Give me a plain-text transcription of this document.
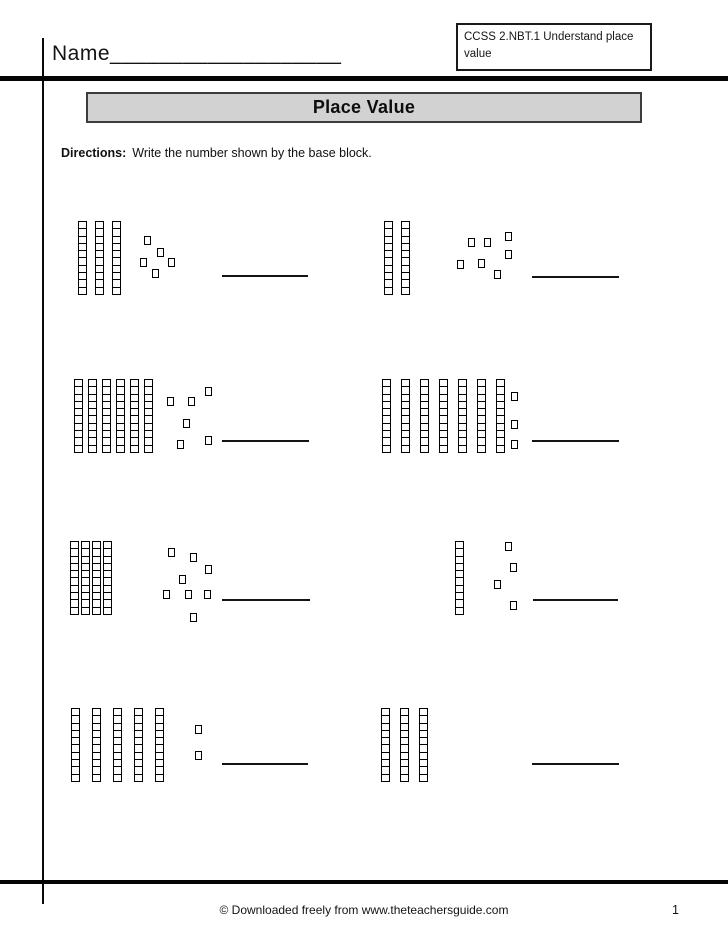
Name___________________
CCSS 2.NBT.1 Understand place value
Place Value
Directions: Write the number shown by the base block.
© Downloaded freely from www.theteachersguide.com	1
